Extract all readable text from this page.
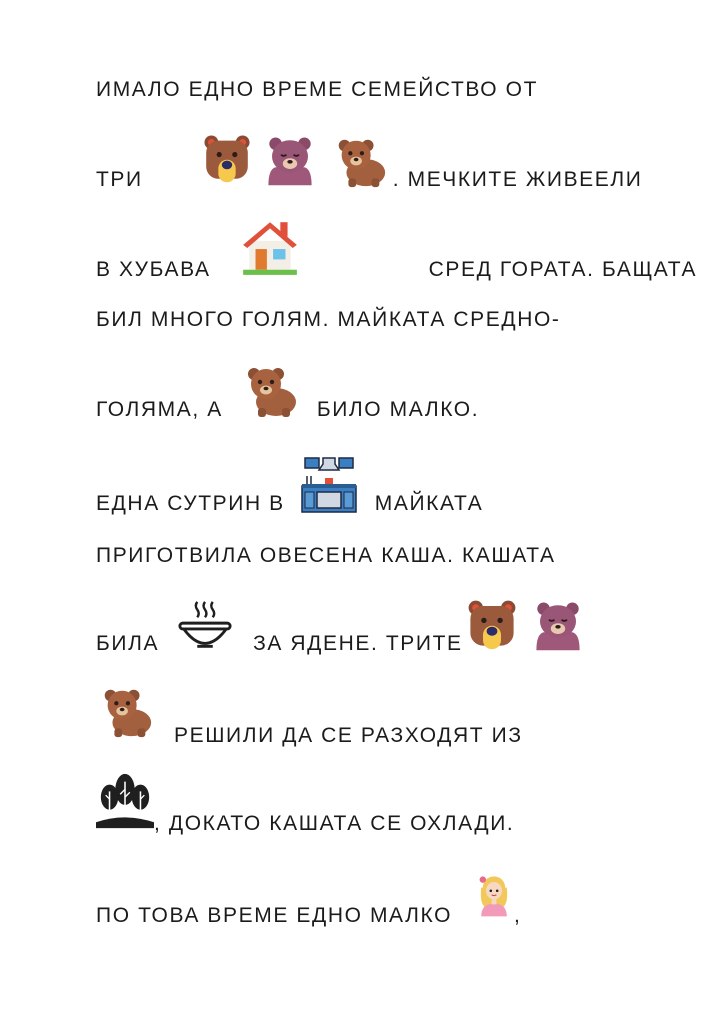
ИМАЛО ЕДНО ВРЕМЕ СЕМЕЙСТВО ОТ
ТРИ	. МЕЧКИТЕ ЖИВЕЕЛИ
В ХУБАВА	СРЕД ГОРАТА. БАЩАТА
БИЛ МНОГО ГОЛЯМ. МАЙКАТА СРЕДНО-
ГОЛЯМА, А	БИЛО МАЛКО.
ЕДНА СУТРИН В	МАЙКАТА
ПРИГОТВИЛА ОВЕСЕНА КАША. КАШАТА
БИЛА	ЗА ЯДЕНЕ. ТРИТЕ
РЕШИЛИ ДА СЕ РАЗХОДЯТ ИЗ
, ДОКАТО КАШАТА СЕ ОХЛАДИ.
ПО ТОВА ВРЕМЕ ЕДНО МАЛКО	,
